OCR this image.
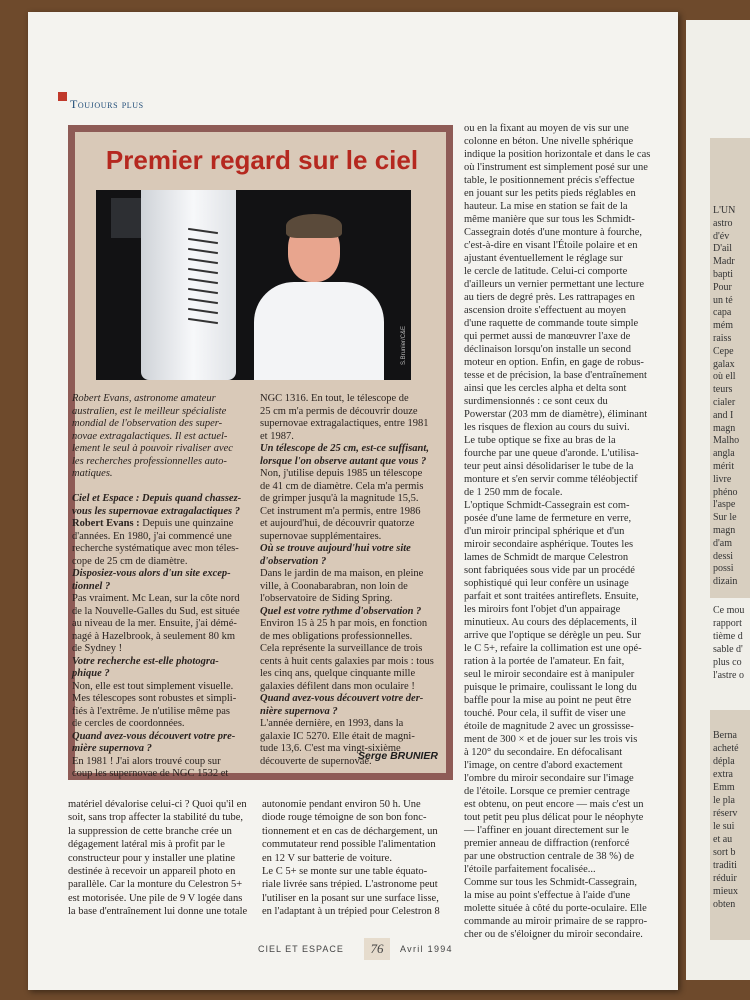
Toujours plus
Premier regard sur le ciel
S.Brunier/C&E
Robert Evans, astronome amateur
australien, est le meilleur spécialiste
mondial de l'observation des super-
novae extragalactiques. Il est actuel-
lement le seul à pouvoir rivaliser avec
les recherches professionnelles auto-
matiques.
Ciel et Espace : Depuis quand chassez-
vous les supernovae extragalactiques ?
Robert Evans : Depuis une quinzaine
d'années. En 1980, j'ai commencé une
recherche systématique avec mon téles-
cope de 25 cm de diamètre.
Disposiez-vous alors d'un site excep-
tionnel ?
Pas vraiment. Mc Lean, sur la côte nord
de la Nouvelle-Galles du Sud, est située
au niveau de la mer. Ensuite, j'ai démé-
nagé à Hazelbrook, à seulement 80 km
de Sydney !
Votre recherche est-elle photogra-
phique ?
Non, elle est tout simplement visuelle.
Mes télescopes sont robustes et simpli-
fiés à l'extrême. Je n'utilise même pas
de cercles de coordonnées.
Quand avez-vous découvert votre pre-
mière supernova ?
En 1981 ! J'ai alors trouvé coup sur
coup les supernovae de NGC 1532 et
NGC 1316. En tout, le télescope de
25 cm m'a permis de découvrir douze
supernovae extragalactiques, entre 1981
et 1987.
Un télescope de 25 cm, est-ce suffisant,
lorsque l'on observe autant que vous ?
Non, j'utilise depuis 1985 un télescope
de 41 cm de diamètre. Cela m'a permis
de grimper jusqu'à la magnitude 15,5.
Cet instrument m'a permis, entre 1986
et aujourd'hui, de découvrir quatorze
supernovae supplémentaires.
Où se trouve aujourd'hui votre site
d'observation ?
Dans le jardin de ma maison, en pleine
ville, à Coonabarabran, non loin de
l'observatoire de Siding Spring.
Quel est votre rythme d'observation ?
Environ 15 à 25 h par mois, en fonction
de mes obligations professionnelles.
Cela représente la surveillance de trois
cents à huit cents galaxies par mois : tous
les cinq ans, quelque cinquante mille
galaxies défilent dans mon oculaire !
Quand avez-vous découvert votre der-
nière supernova ?
L'année dernière, en 1993, dans la
galaxie IC 5270. Elle était de magni-
tude 13,6. C'est ma vingt-sixième
découverte de supernovae.
Serge BRUNIER
matériel dévalorise celui-ci ? Quoi qu'il en
soit, sans trop affecter la stabilité du tube,
la suppression de cette branche crée un
dégagement latéral mis à profit par le
constructeur pour y installer une platine
destinée à recevoir un appareil photo en
parallèle. Car la monture du Celestron 5+
est motorisée. Une pile de 9 V logée dans
la base d'entraînement lui donne une totale
autonomie pendant environ 50 h. Une
diode rouge témoigne de son bon fonc-
tionnement et en cas de déchargement, un
commutateur rend possible l'alimentation
en 12 V sur batterie de voiture.
Le C 5+ se monte sur une table équato-
riale livrée sans trépied. L'astronome peut
l'utiliser en la posant sur une surface lisse,
en l'adaptant à un trépied pour Celestron 8
ou en la fixant au moyen de vis sur une
colonne en béton. Une nivelle sphérique
indique la position horizontale et dans le cas
où l'instrument est simplement posé sur une
table, le positionnement précis s'effectue
en jouant sur les petits pieds réglables en
hauteur. La mise en station se fait de la
même manière que sur tous les Schmidt-
Cassegrain dotés d'une monture à fourche,
c'est-à-dire en visant l'Étoile polaire et en
ajustant éventuellement le réglage sur
le cercle de latitude. Celui-ci comporte
d'ailleurs un vernier permettant une lecture
au tiers de degré près. Les rattrapages en
ascension droite s'effectuent au moyen
d'une raquette de commande toute simple
qui permet aussi de manœuvrer l'axe de
déclinaison lorsqu'on installe un second
moteur en option. Enfin, en gage de robus-
tesse et de précision, la base d'entraînement
ainsi que les cercles alpha et delta sont
surdimensionnés : ce sont ceux du
Powerstar (203 mm de diamètre), éliminant
les risques de flexion au cours du suivi.
Le tube optique se fixe au bras de la
fourche par une queue d'aronde. L'utilisa-
teur peut ainsi désolidariser le tube de la
monture et s'en servir comme téléobjectif
de 1 250 mm de focale.
L'optique Schmidt-Cassegrain est com-
posée d'une lame de fermeture en verre,
d'un miroir principal sphérique et d'un
miroir secondaire asphérique. Toutes les
lames de Schmidt de marque Celestron
sont fabriquées sous vide par un procédé
sophistiqué qui leur confère un usinage
parfait et sont traitées antireflets. Ensuite,
les miroirs font l'objet d'un appairage
minutieux. Au cours des déplacements, il
arrive que l'optique se dérègle un peu. Sur
le C 5+, refaire la collimation est une opé-
ration à la portée de l'amateur. En fait,
seul le miroir secondaire est à manipuler
puisque le primaire, coulissant le long du
baffle pour la mise au point ne peut être
touché. Pour cela, il suffit de viser une
étoile de magnitude 2 avec un grossisse-
ment de 300 × et de jouer sur les trois vis
à 120° du secondaire. En défocalisant
l'image, on centre d'abord exactement
l'ombre du miroir secondaire sur l'image
de l'étoile. Lorsque ce premier centrage
est obtenu, on peut encore — mais c'est un
tout petit peu plus délicat pour le néophyte
— l'affiner en jouant directement sur le
premier anneau de diffraction (renforcé
par une obstruction centrale de 38 %) de
l'étoile parfaitement focalisée...
Comme sur tous les Schmidt-Cassegrain,
la mise au point s'effectue à l'aide d'une
molette située à côté du porte-oculaire. Elle
commande au miroir primaire de se rappro-
cher ou de s'éloigner du miroir secondaire.
CIEL ET ESPACE	76	Avril 1994
L'UN
astro
d'év
D'ail
Madr
bapti
Pour
un té
capa
mém
raiss
Cepe
galax
où ell
teurs
cialer
and I
magn
Malho
angla
mérit
livre
phéno
l'aspe
Sur le
magn
d'am
dessi
possi
dizain
Ce mou
rapport
tième d
sable d'
plus co
l'astre o
Berna
acheté
dépla
extra
Emm
le pla
réserv
le sui
et au
sort b
traditi
réduir
mieux
obten
